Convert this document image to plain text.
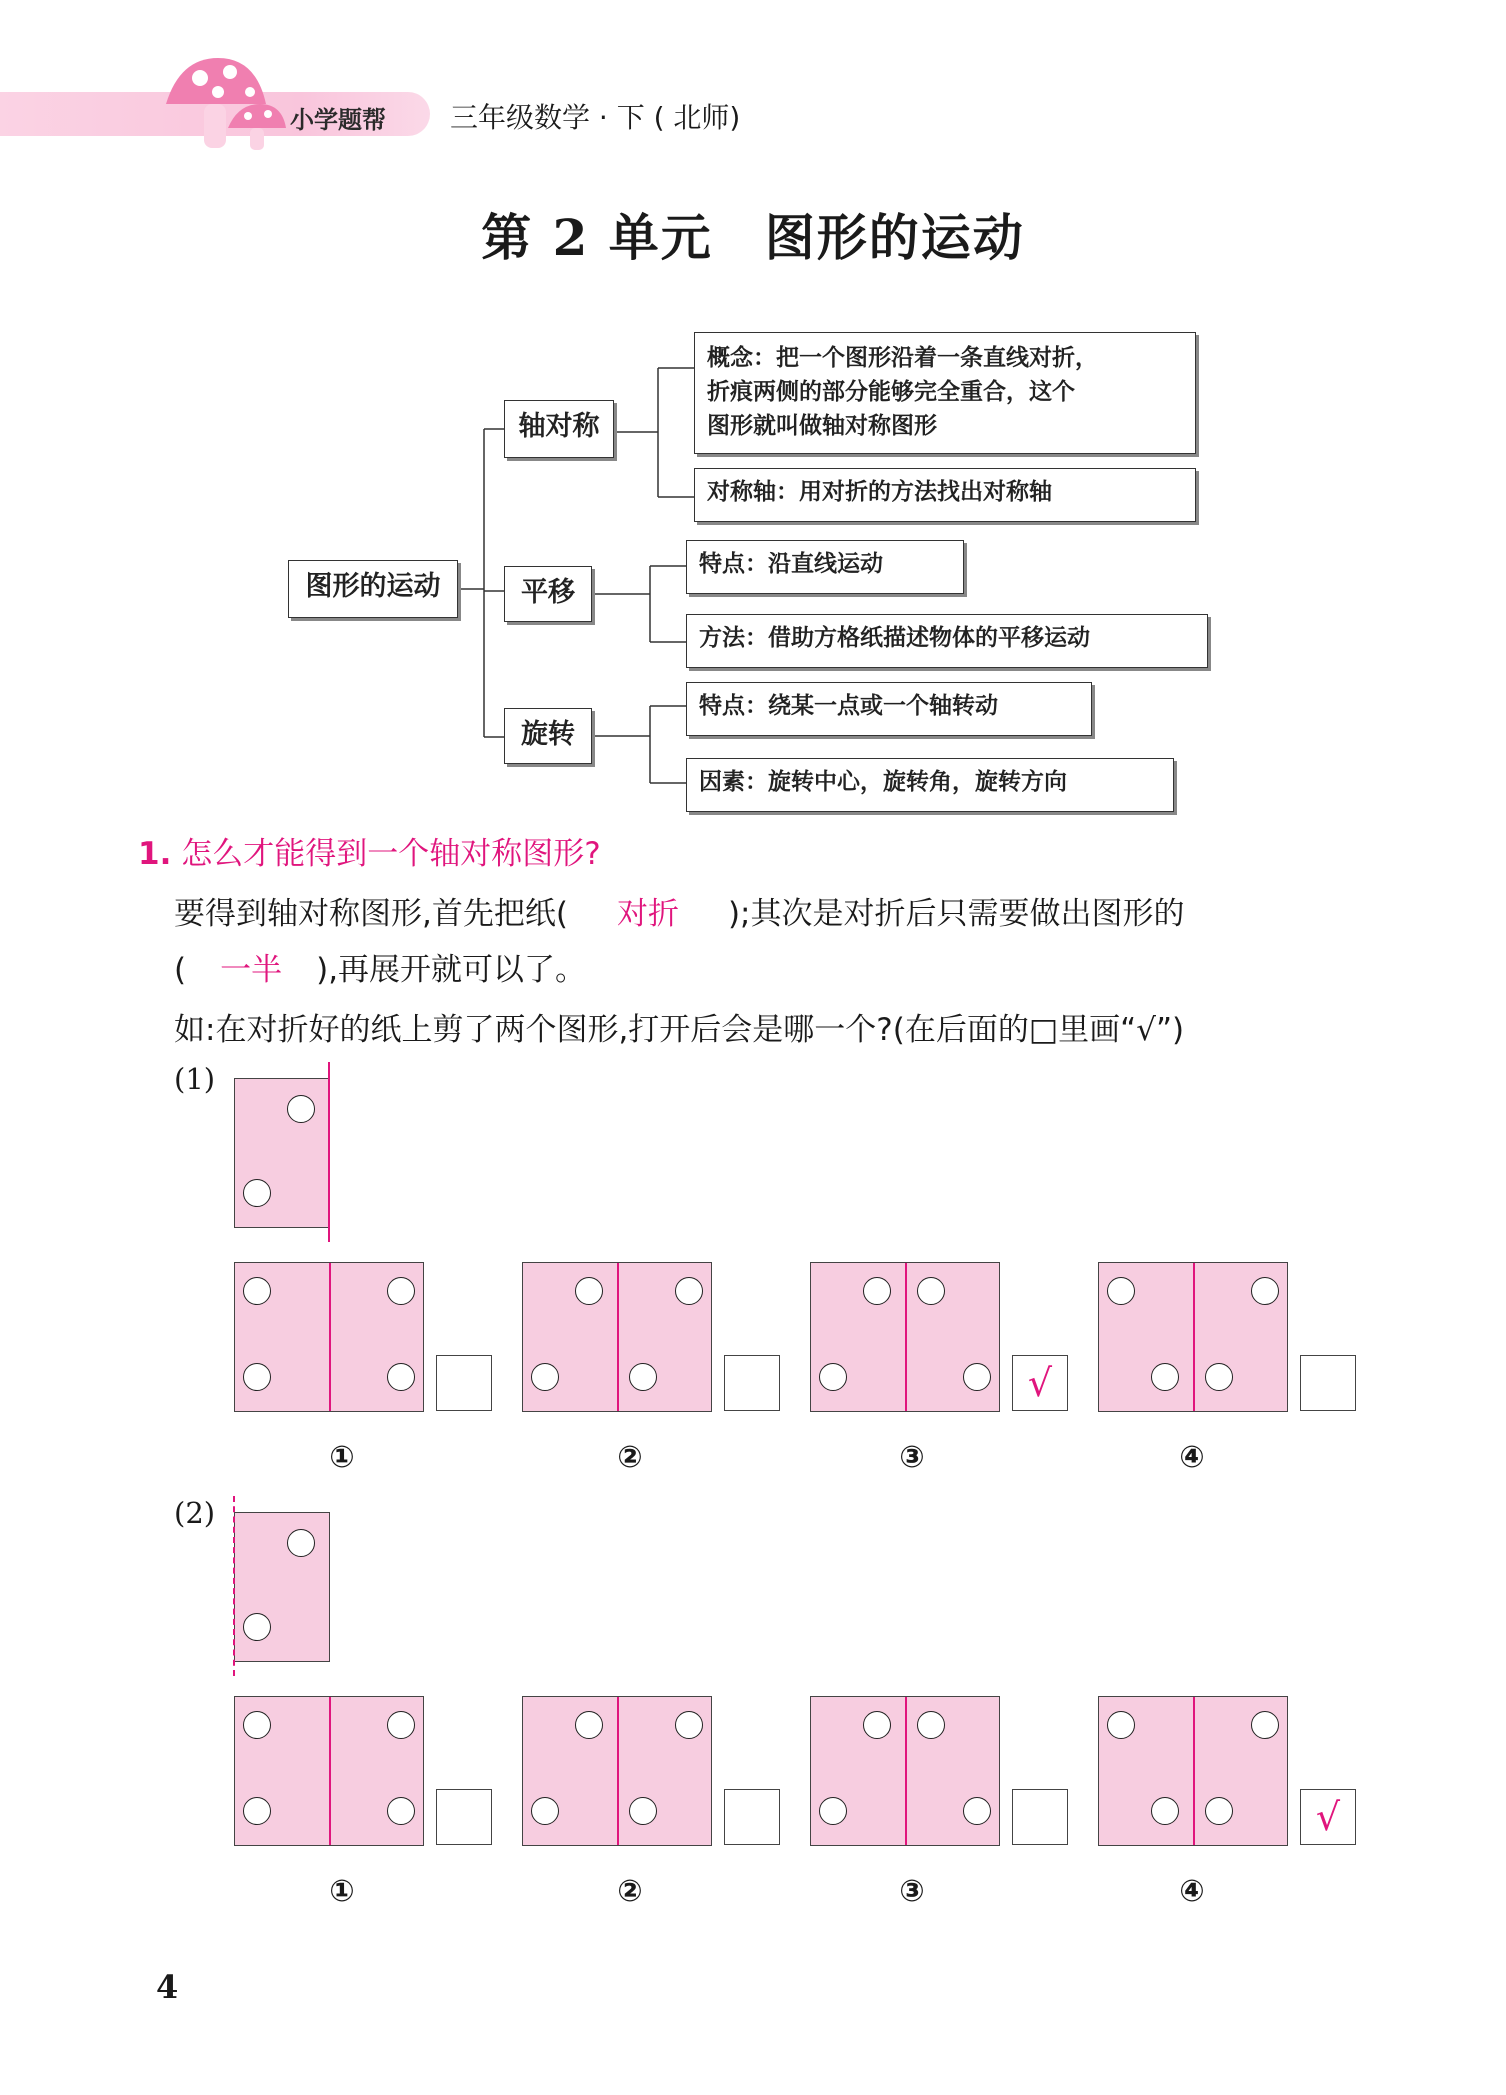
小学题帮 三年级数学 · 下 ( 北师)
第 2 单元　图形的运动
图形的运动
轴对称
平移
旋转
概念：把一个图形沿着一条直线对折，
折痕两侧的部分能够完全重合，这个
图形就叫做轴对称图形
对称轴：用对折的方法找出对称轴
特点：沿直线运动
方法：借助方格纸描述物体的平移运动
特点：绕某一点或一个轴转动
因素：旋转中心，旋转角，旋转方向
1. 怎么才能得到一个轴对称图形?
要得到轴对称图形,首先把纸( 对折 );其次是对折后只需要做出图形的
( 一半 ),再展开就可以了。
如:在对折好的纸上剪了两个图形,打开后会是哪一个?(在后面的□里画“√”)
(1)
√
①	②	③	④
(2)
√
①	②	③	④
4
